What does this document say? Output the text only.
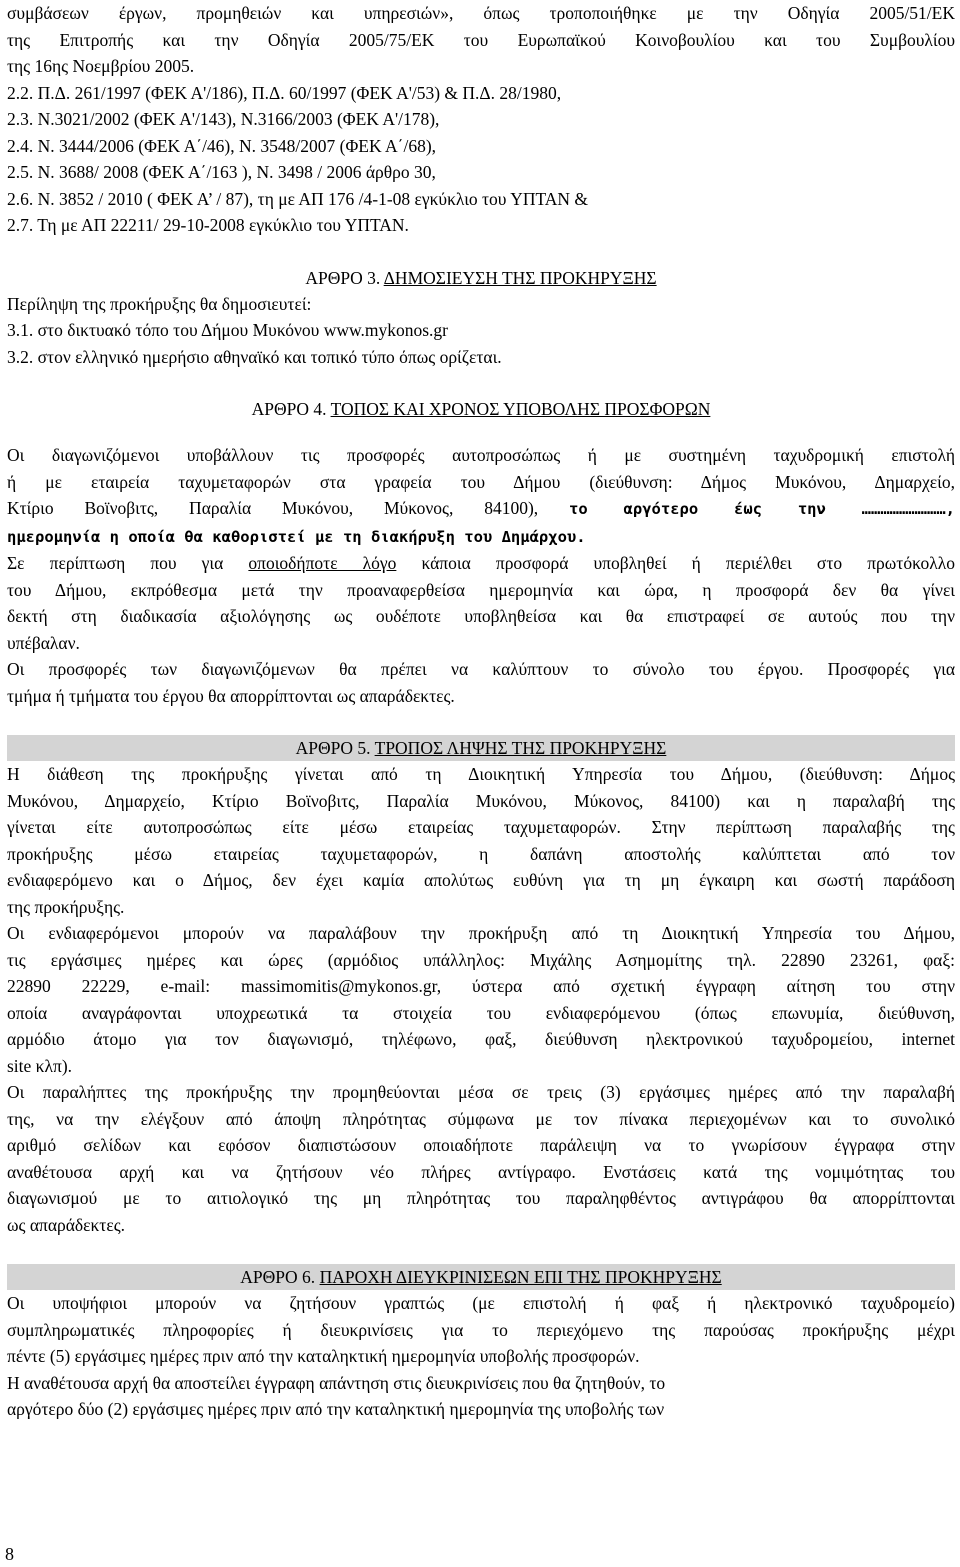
συμβάσεων έργων, προμηθειών και υπηρεσιών», όπως τροποποιήθηκε με την Οδηγία 2005/51/ΕΚ
της Επιτροπής και την Οδηγία 2005/75/ΕΚ του Ευρωπαϊκού Κοινοβουλίου και του Συμβουλίου
της 16ης Νοεμβρίου 2005.
2.2. Π.Δ. 261/1997 (ΦΕΚ Α'/186), Π.Δ. 60/1997 (ΦΕΚ Α'/53) & Π.Δ. 28/1980,
2.3. Ν.3021/2002 (ΦΕΚ Α'/143), Ν.3166/2003 (ΦΕΚ Α'/178),
2.4. Ν. 3444/2006 (ΦΕΚ Α΄/46), Ν. 3548/2007 (ΦΕΚ Α΄/68),
2.5. Ν. 3688/ 2008 (ΦΕΚ Α΄/163 ), Ν. 3498 / 2006 άρθρο 30,
2.6. Ν. 3852 / 2010 ( ΦΕΚ Α’ / 87), τη με ΑΠ 176 /4-1-08 εγκύκλιο του ΥΠΤΑΝ &
2.7. Τη με ΑΠ 22211/ 29-10-2008 εγκύκλιο του ΥΠΤΑΝ.
ΑΡΘΡΟ 3. ΔΗΜΟΣΙΕΥΣΗ ΤΗΣ ΠΡΟΚΗΡΥΞΗΣ
Περίληψη της προκήρυξης θα δημοσιευτεί:
3.1. στο δικτυακό τόπο του Δήμου Μυκόνου www.mykonos.gr
3.2. στον ελληνικό ημερήσιο αθηναϊκό και τοπικό τύπο όπως ορίζεται.
ΑΡΘΡΟ 4. ΤΟΠΟΣ ΚΑΙ ΧΡΟΝΟΣ ΥΠΟΒΟΛΗΣ ΠΡΟΣΦΟΡΩΝ
Οι διαγωνιζόμενοι υποβάλλουν τις προσφορές αυτοπροσώπως ή με συστημένη ταχυδρομική επιστολή
ή με εταιρεία ταχυμεταφορών στα γραφεία του Δήμου (διεύθυνση: Δήμος Μυκόνου, Δημαρχείο,
Κτίριο Βοϊνοβιτς, Παραλία Μυκόνου, Μύκονος, 84100), το αργότερο έως την ………………………,
ημερομηνία η οποία θα καθοριστεί με τη διακήρυξη του Δημάρχου.
Σε περίπτωση που για οποιοδήποτε λόγο κάποια προσφορά υποβληθεί ή περιέλθει στο πρωτόκολλο
του Δήμου, εκπρόθεσμα μετά την προαναφερθείσα ημερομηνία και ώρα, η προσφορά δεν θα γίνει
δεκτή στη διαδικασία αξιολόγησης ως ουδέποτε υποβληθείσα και θα επιστραφεί σε αυτούς που την
υπέβαλαν.
Οι προσφορές των διαγωνιζόμενων θα πρέπει να καλύπτουν το σύνολο του έργου. Προσφορές για
τμήμα ή τμήματα του έργου θα απορρίπτονται ως απαράδεκτες.
ΑΡΘΡΟ 5. ΤΡΟΠΟΣ ΛΗΨΗΣ ΤΗΣ ΠΡΟΚΗΡΥΞΗΣ
Η διάθεση της προκήρυξης γίνεται από τη Διοικητική Υπηρεσία του Δήμου, (διεύθυνση: Δήμος
Μυκόνου, Δημαρχείο, Κτίριο Βοϊνοβιτς, Παραλία Μυκόνου, Μύκονος, 84100) και η παραλαβή της
γίνεται είτε αυτοπροσώπως είτε μέσω εταιρείας ταχυμεταφορών. Στην περίπτωση παραλαβής της
προκήρυξης μέσω εταιρείας ταχυμεταφορών, η δαπάνη αποστολής καλύπτεται από τον
ενδιαφερόμενο και ο Δήμος, δεν έχει καμία απολύτως ευθύνη για τη μη έγκαιρη και σωστή παράδοση
της προκήρυξης.
Οι ενδιαφερόμενοι μπορούν να παραλάβουν την προκήρυξη από τη Διοικητική Υπηρεσία του Δήμου,
τις εργάσιμες ημέρες και ώρες (αρμόδιος υπάλληλος: Μιχάλης Ασημομίτης τηλ. 22890 23261, φαξ:
22890 22229, e-mail: massimomitis@mykonos.gr, ύστερα από σχετική έγγραφη αίτηση του στην
οποία αναγράφονται υποχρεωτικά τα στοιχεία του ενδιαφερόμενου (όπως επωνυμία, διεύθυνση,
αρμόδιο άτομο για τον διαγωνισμό, τηλέφωνο, φαξ, διεύθυνση ηλεκτρονικού ταχυδρομείου, internet
site κλπ).
Οι παραλήπτες της προκήρυξης την προμηθεύονται μέσα σε τρεις (3) εργάσιμες ημέρες από την παραλαβή
της, να την ελέγξουν από άποψη πληρότητας σύμφωνα με τον πίνακα περιεχομένων και το συνολικό
αριθμό σελίδων και εφόσον διαπιστώσουν οποιαδήποτε παράλειψη να το γνωρίσουν έγγραφα στην
αναθέτουσα αρχή και να ζητήσουν νέο πλήρες αντίγραφο. Ενστάσεις κατά της νομιμότητας του
διαγωνισμού με το αιτιολογικό της μη πληρότητας του παραληφθέντος αντιγράφου θα απορρίπτονται
ως απαράδεκτες.
ΑΡΘΡΟ 6. ΠΑΡΟΧΗ ΔΙΕΥΚΡΙΝΙΣΕΩΝ ΕΠΙ ΤΗΣ ΠΡΟΚΗΡΥΞΗΣ
Οι υποψήφιοι μπορούν να ζητήσουν γραπτώς (με επιστολή ή φαξ ή ηλεκτρονικό ταχυδρομείο)
συμπληρωματικές πληροφορίες ή διευκρινίσεις για το περιεχόμενο της παρούσας προκήρυξης μέχρι
πέντε (5) εργάσιμες ημέρες πριν από την καταληκτική ημερομηνία υποβολής προσφορών.
Η αναθέτουσα αρχή θα αποστείλει έγγραφη απάντηση στις διευκρινίσεις που θα ζητηθούν, το
αργότερο δύο (2) εργάσιμες ημέρες πριν από την καταληκτική ημερομηνία της υποβολής των
8
